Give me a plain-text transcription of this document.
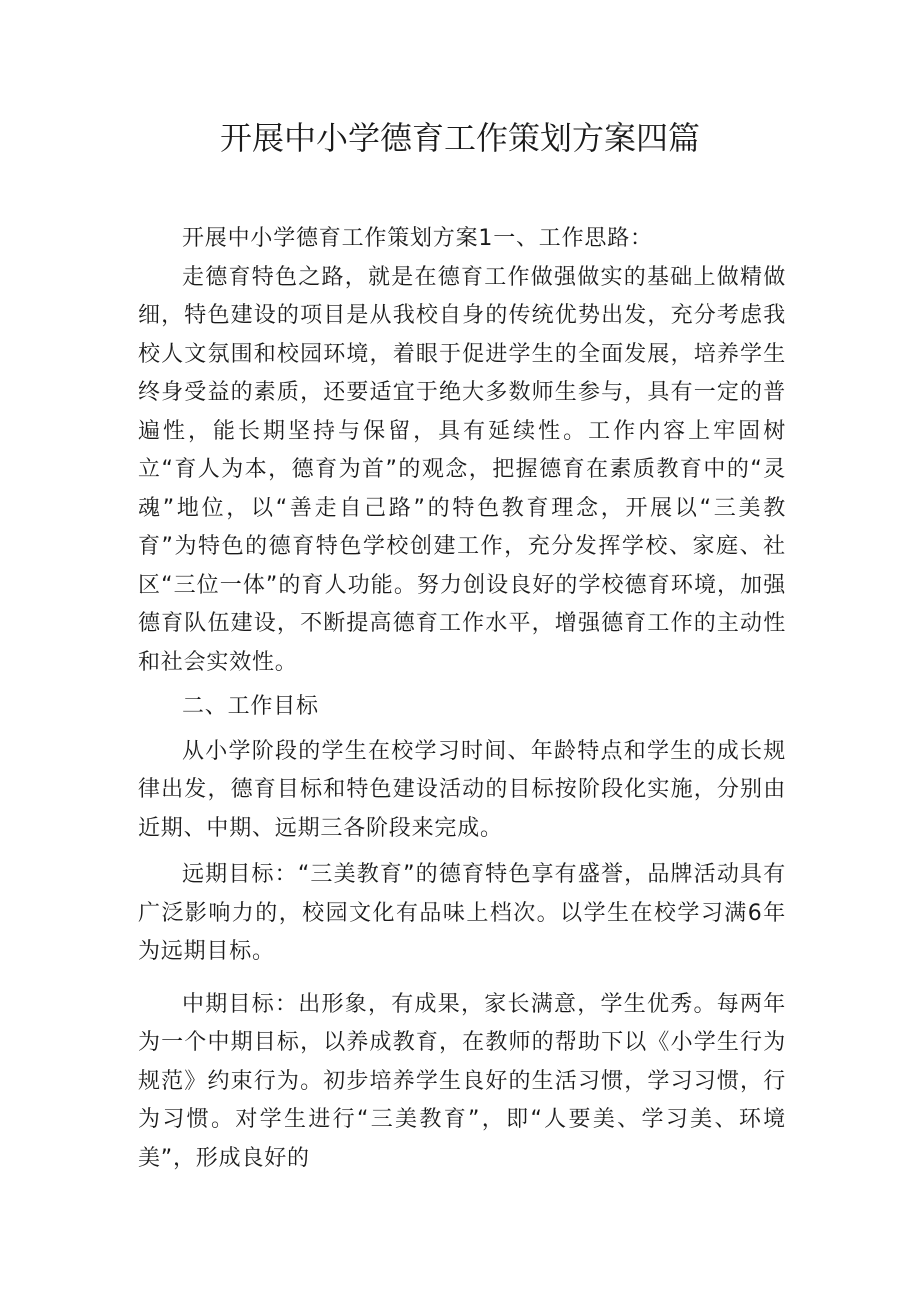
开展中小学德育工作策划方案四篇

开展中小学德育工作策划方案1一、工作思路：

走德育特色之路，就是在德育工作做强做实的基础上做精做细，特色建设的项目是从我校自身的传统优势出发，充分考虑我校人文氛围和校园环境，着眼于促进学生的全面发展，培养学生终身受益的素质，还要适宜于绝大多数师生参与，具有一定的普遍性，能长期坚持与保留，具有延续性。工作内容上牢固树立“育人为本，德育为首”的观念，把握德育在素质教育中的“灵魂”地位，以“善走自己路”的特色教育理念，开展以“三美教育”为特色的德育特色学校创建工作，充分发挥学校、家庭、社区“三位一体”的育人功能。努力创设良好的学校德育环境，加强德育队伍建设，不断提高德育工作水平，增强德育工作的主动性和社会实效性。

二、工作目标

从小学阶段的学生在校学习时间、年龄特点和学生的成长规律出发，德育目标和特色建设活动的目标按阶段化实施，分别由近期、中期、远期三各阶段来完成。

远期目标：“三美教育”的德育特色享有盛誉，品牌活动具有广泛影响力的，校园文化有品味上档次。以学生在校学习满6年为远期目标。

中期目标：出形象，有成果，家长满意，学生优秀。每两年为一个中期目标，以养成教育，在教师的帮助下以《小学生行为规范》约束行为。初步培养学生良好的生活习惯，学习习惯，行为习惯。对学生进行“三美教育”，即“人要美、学习美、环境美”，形成良好的
